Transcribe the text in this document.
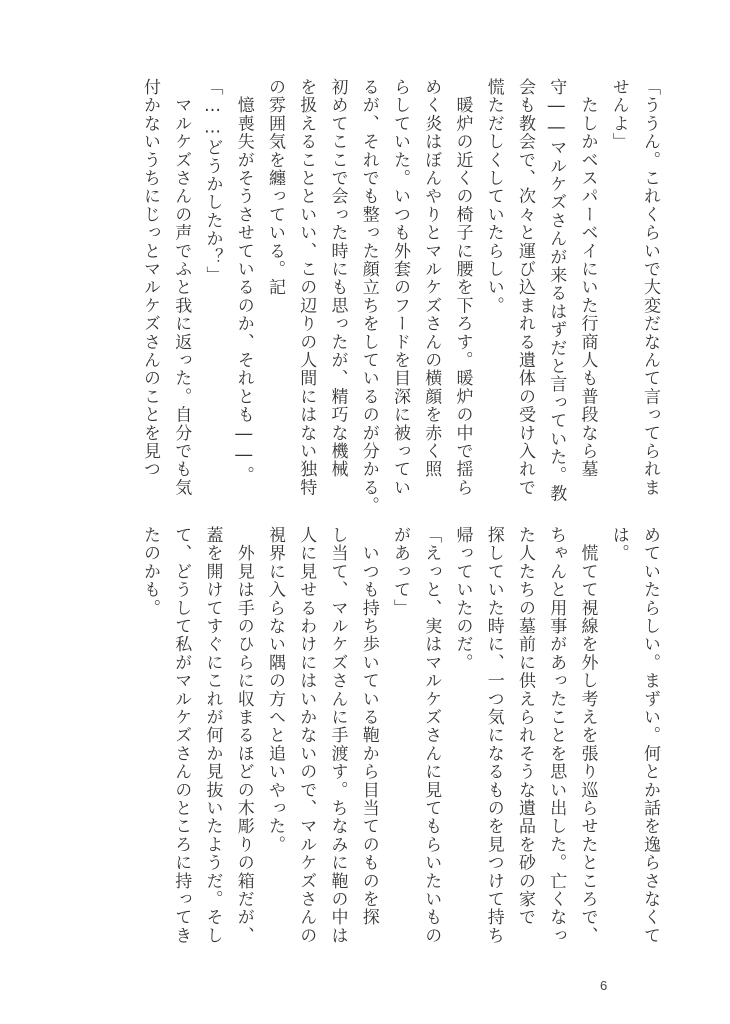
「ううん。これくらいで大変だなんて言ってられま
せんよ」
　たしかベスパーベイにいた行商人も普段なら墓
守――マルケズさんが来るはずだと言っていた。教
会も教会で、次々と運び込まれる遺体の受け入れで
慌ただしくしていたらしい。
　暖炉の近くの椅子に腰を下ろす。暖炉の中で揺ら
めく炎はぼんやりとマルケズさんの横顔を赤く照
らしていた。いつも外套のフードを目深に被ってい
るが、それでも整った顔立ちをしているのが分かる。
初めてここで会った時にも思ったが、精巧な機械
を扱えることといい、この辺りの人間にはない独特
の雰囲気を纏っている。記
　憶喪失がそうさせているのか、それとも――。
「……どうかしたか？」
　マルケズさんの声でふと我に返った。自分でも気
付かないうちにじっとマルケズさんのことを見つ
めていたらしい。まずい。何とか話を逸らさなくて
は。
　慌てて視線を外し考えを張り巡らせたところで、
ちゃんと用事があったことを思い出した。亡くなっ
た人たちの墓前に供えられそうな遺品を砂の家で
探していた時に、一つ気になるものを見つけて持ち
帰っていたのだ。
「えっと、実はマルケズさんに見てもらいたいもの
があって」
　いつも持ち歩いている鞄から目当てのものを探
し当て、マルケズさんに手渡す。ちなみに鞄の中は
人に見せるわけにはいかないので、マルケズさんの
視界に入らない隅の方へと追いやった。
　外見は手のひらに収まるほどの木彫りの箱だが、
蓋を開けてすぐにこれが何か見抜いたようだ。そし
て、どうして私がマルケズさんのところに持ってき
たのかも。
6
